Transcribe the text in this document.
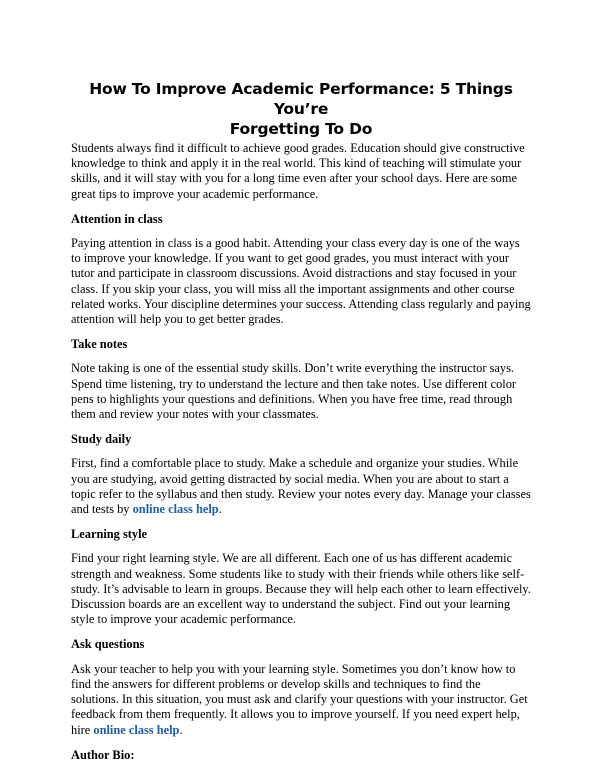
How To Improve Academic Performance: 5 Things You’re
Forgetting To Do

Students always find it difficult to achieve good grades. Education should give constructive knowledge to think and apply it in the real world. This kind of teaching will stimulate your skills, and it will stay with you for a long time even after your school days. Here are some great tips to improve your academic performance.

Attention in class

Paying attention in class is a good habit. Attending your class every day is one of the ways to improve your knowledge. If you want to get good grades, you must interact with your tutor and participate in classroom discussions. Avoid distractions and stay focused in your class. If you skip your class, you will miss all the important assignments and other course related works. Your discipline determines your success. Attending class regularly and paying attention will help you to get better grades.

Take notes

Note taking is one of the essential study skills. Don’t write everything the instructor says. Spend time listening, try to understand the lecture and then take notes. Use different color pens to highlights your questions and definitions. When you have free time, read through them and review your notes with your classmates.

Study daily

First, find a comfortable place to study. Make a schedule and organize your studies. While you are studying, avoid getting distracted by social media. When you are about to start a topic refer to the syllabus and then study. Review your notes every day. Manage your classes and tests by online class help.

Learning style

Find your right learning style. We are all different. Each one of us has different academic strength and weakness. Some students like to study with their friends while others like self-study. It’s advisable to learn in groups. Because they will help each other to learn effectively. Discussion boards are an excellent way to understand the subject. Find out your learning style to improve your academic performance.

Ask questions

Ask your teacher to help you with your learning style. Sometimes you don’t know how to find the answers for different problems or develop skills and techniques to find the solutions. In this situation, you must ask and clarify your questions with your instructor. Get feedback from them frequently. It allows you to improve yourself. If you need expert help, hire online class help.

Author Bio:
